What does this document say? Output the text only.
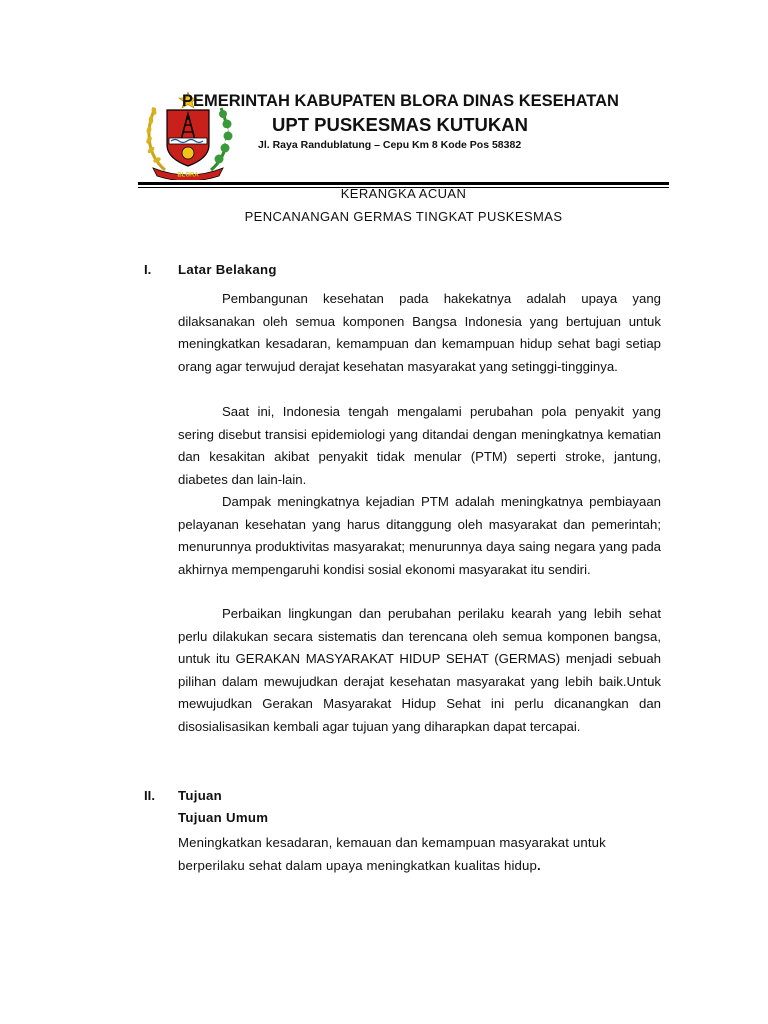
BLORA
PEMERINTAH KABUPATEN BLORA DINAS KESEHATAN
UPT PUSKESMAS KUTUKAN
Jl. Raya Randublatung – Cepu Km 8 Kode Pos 58382
KERANGKA ACUAN
PENCANANGAN GERMAS TINGKAT PUSKESMAS
I. Latar Belakang

Pembangunan kesehatan pada hakekatnya adalah upaya yang dilaksanakan oleh semua komponen Bangsa Indonesia yang bertujuan untuk meningkatkan kesadaran, kemampuan dan kemampuan hidup sehat bagi setiap orang agar terwujud derajat kesehatan masyarakat yang setinggi-tingginya.

Saat ini, Indonesia tengah mengalami perubahan pola penyakit yang sering disebut transisi epidemiologi yang ditandai dengan meningkatnya kematian dan kesakitan akibat penyakit tidak menular (PTM) seperti stroke, jantung, diabetes dan lain-lain.

Dampak meningkatnya kejadian PTM adalah meningkatnya pembiayaan pelayanan kesehatan yang harus ditanggung oleh masyarakat dan pemerintah; menurunnya produktivitas masyarakat; menurunnya daya saing negara yang pada akhirnya mempengaruhi kondisi sosial ekonomi masyarakat itu sendiri.

Perbaikan lingkungan dan perubahan perilaku kearah yang lebih sehat perlu dilakukan secara sistematis dan terencana oleh semua komponen bangsa, untuk itu GERAKAN MASYARAKAT HIDUP SEHAT (GERMAS) menjadi sebuah pilihan dalam mewujudkan derajat kesehatan masyarakat yang lebih baik.Untuk mewujudkan Gerakan Masyarakat Hidup Sehat ini perlu dicanangkan dan disosialisasikan kembali agar tujuan yang diharapkan dapat tercapai.

II. Tujuan
Tujuan Umum

Meningkatkan kesadaran, kemauan dan kemampuan masyarakat untuk berperilaku sehat dalam upaya meningkatkan kualitas hidup.
